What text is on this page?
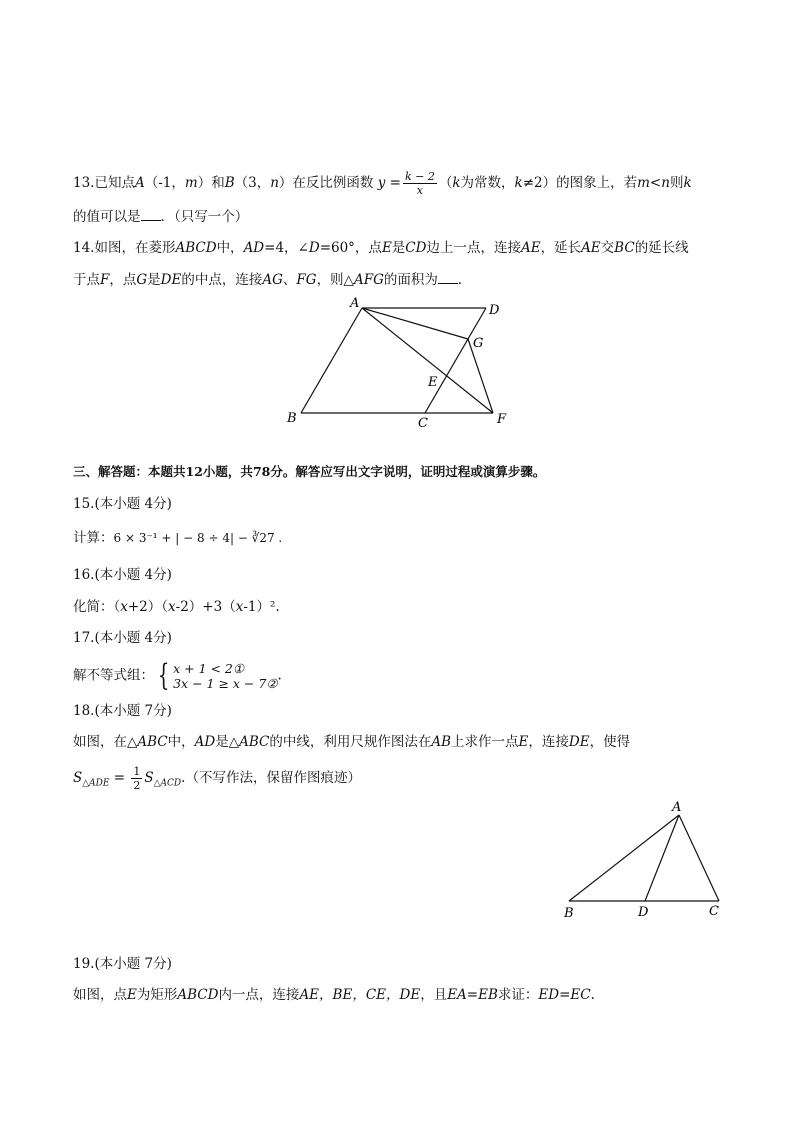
13.已知点A（-1，m）和B（3，n）在反比例函数 $y = \frac{k - 2}{x} (k$为常数，k≠2）的图象上，若m<n则k
的值可以是 ．（只写一个）
14.如图，在菱形ABCD中，AD=4，∠D=60°，点E是CD边上一点，连接AE，延长AE交BC的延长线
于点F，点G是DE的中点，连接AG、FG，则△AFG的面积为 ．
A	D
G
E
B	C	F
三、解答题：本题共12小题，共78分。解答应写出文字说明，证明过程或演算步骤。
15.(本小题 4分)
计算：6 × 3⁻¹ + | − 8 ÷ 4| − ∛27 .
16.(本小题 4分)
化简：（x+2）（x-2）+3（x-1）².
17.(本小题 4分)
解不等式组： { x + 1 < 2①
3x − 1 ≥ x − 7② .
18.(本小题 7分)
如图，在△ABC中，AD是△ABC的中线，利用尺规作图法在AB上求作一点E，连接DE，使得
$S_{\triangle ADE} = \frac{1}{2} S_{\triangle ACD}$.（不写作法，保留作图痕迹）
A
B	D	C
19.(本小题 7分)
如图，点E为矩形ABCD内一点，连接AE，BE，CE，DE，且EA=EB求证：ED=EC.
